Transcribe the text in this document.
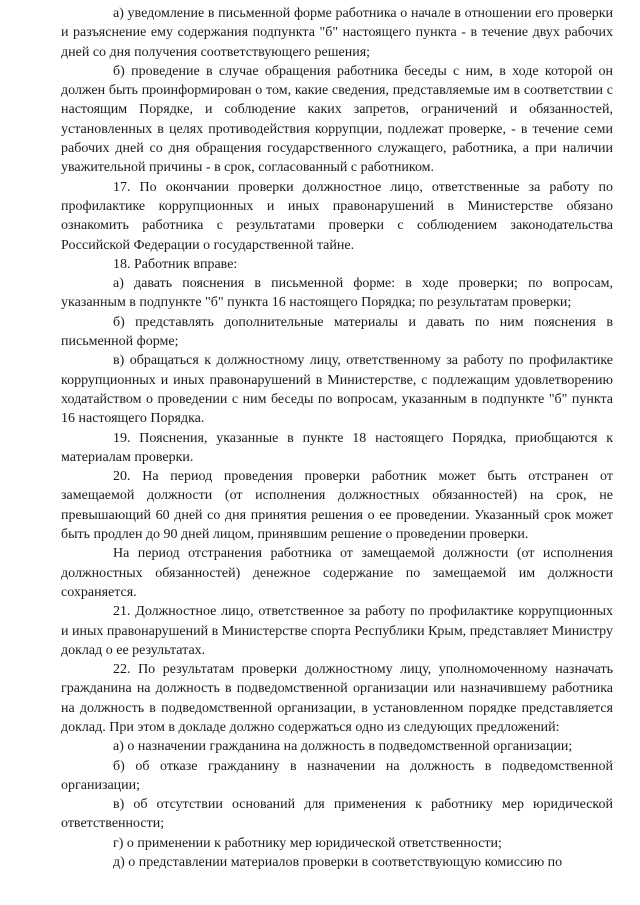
а) уведомление в письменной форме работника о начале в отношении его проверки и разъяснение ему содержания подпункта "б" настоящего пункта - в течение двух рабочих дней со дня получения соответствующего решения;

б) проведение в случае обращения работника беседы с ним, в ходе которой он должен быть проинформирован о том, какие сведения, представляемые им в соответствии с настоящим Порядке, и соблюдение каких запретов, ограничений и обязанностей, установленных в целях противодействия коррупции, подлежат проверке, - в течение семи рабочих дней со дня обращения государственного служащего, работника, а при наличии уважительной причины - в срок, согласованный с работником.

17. По окончании проверки должностное лицо, ответственные за работу по профилактике коррупционных и иных правонарушений в Министерстве обязано ознакомить работника с результатами проверки с соблюдением законодательства Российской Федерации о государственной тайне.

18. Работник вправе:

а) давать пояснения в письменной форме: в ходе проверки; по вопросам, указанным в подпункте "б" пункта 16 настоящего Порядка; по результатам проверки;

б) представлять дополнительные материалы и давать по ним пояснения в письменной форме;

в) обращаться к должностному лицу, ответственному за работу по профилактике коррупционных и иных правонарушений в Министерстве, с подлежащим удовлетворению ходатайством о проведении с ним беседы по вопросам, указанным в подпункте "б" пункта 16 настоящего Порядка.

19. Пояснения, указанные в пункте 18 настоящего Порядка, приобщаются к материалам проверки.

20. На период проведения проверки работник может быть отстранен от замещаемой должности (от исполнения должностных обязанностей) на срок, не превышающий 60 дней со дня принятия решения о ее проведении. Указанный срок может быть продлен до 90 дней лицом, принявшим решение о проведении проверки.

На период отстранения работника от замещаемой должности (от исполнения должностных обязанностей) денежное содержание по замещаемой им должности сохраняется.

21. Должностное лицо, ответственное за работу по профилактике коррупционных и иных правонарушений в Министерстве спорта Республики Крым, представляет Министру доклад о ее результатах.

22. По результатам проверки должностному лицу, уполномоченному назначать гражданина на должность в подведомственной организации или назначившему работника на должность в подведомственной организации, в установленном порядке представляется доклад. При этом в докладе должно содержаться одно из следующих предложений:

а) о назначении гражданина на должность в подведомственной организации;

б) об отказе гражданину в назначении на должность в подведомственной организации;

в) об отсутствии оснований для применения к работнику мер юридической ответственности;

г) о применении к работнику мер юридической ответственности;

д) о представлении материалов проверки в соответствующую комиссию по
